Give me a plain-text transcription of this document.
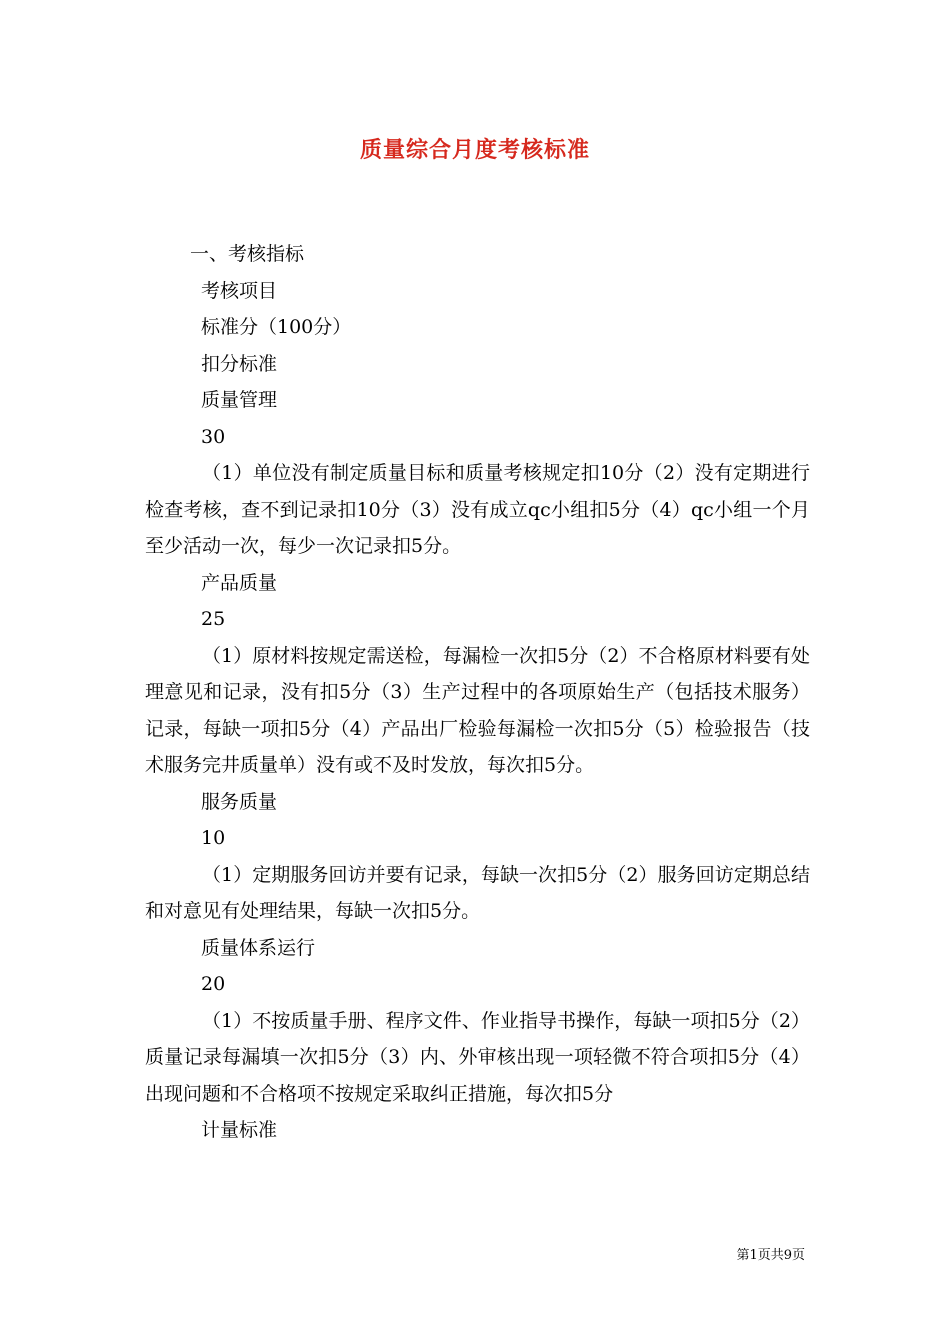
质量综合月度考核标准

一、考核指标

考核项目

标准分（100分）

扣分标准

质量管理

30

（1）单位没有制定质量目标和质量考核规定扣10分（2）没有定期进行检查考核，查不到记录扣10分（3）没有成立qc小组扣5分（4）qc小组一个月至少活动一次，每少一次记录扣5分。

产品质量

25

（1）原材料按规定需送检，每漏检一次扣5分（2）不合格原材料要有处理意见和记录，没有扣5分（3）生产过程中的各项原始生产（包括技术服务）记录，每缺一项扣5分（4）产品出厂检验每漏检一次扣5分（5）检验报告（技术服务完井质量单）没有或不及时发放，每次扣5分。

服务质量

10

（1）定期服务回访并要有记录，每缺一次扣5分（2）服务回访定期总结和对意见有处理结果，每缺一次扣5分。

质量体系运行

20

（1）不按质量手册、程序文件、作业指导书操作，每缺一项扣5分（2）质量记录每漏填一次扣5分（3）内、外审核出现一项轻微不符合项扣5分（4）出现问题和不合格项不按规定采取纠正措施，每次扣5分

计量标准

第1页共9页
